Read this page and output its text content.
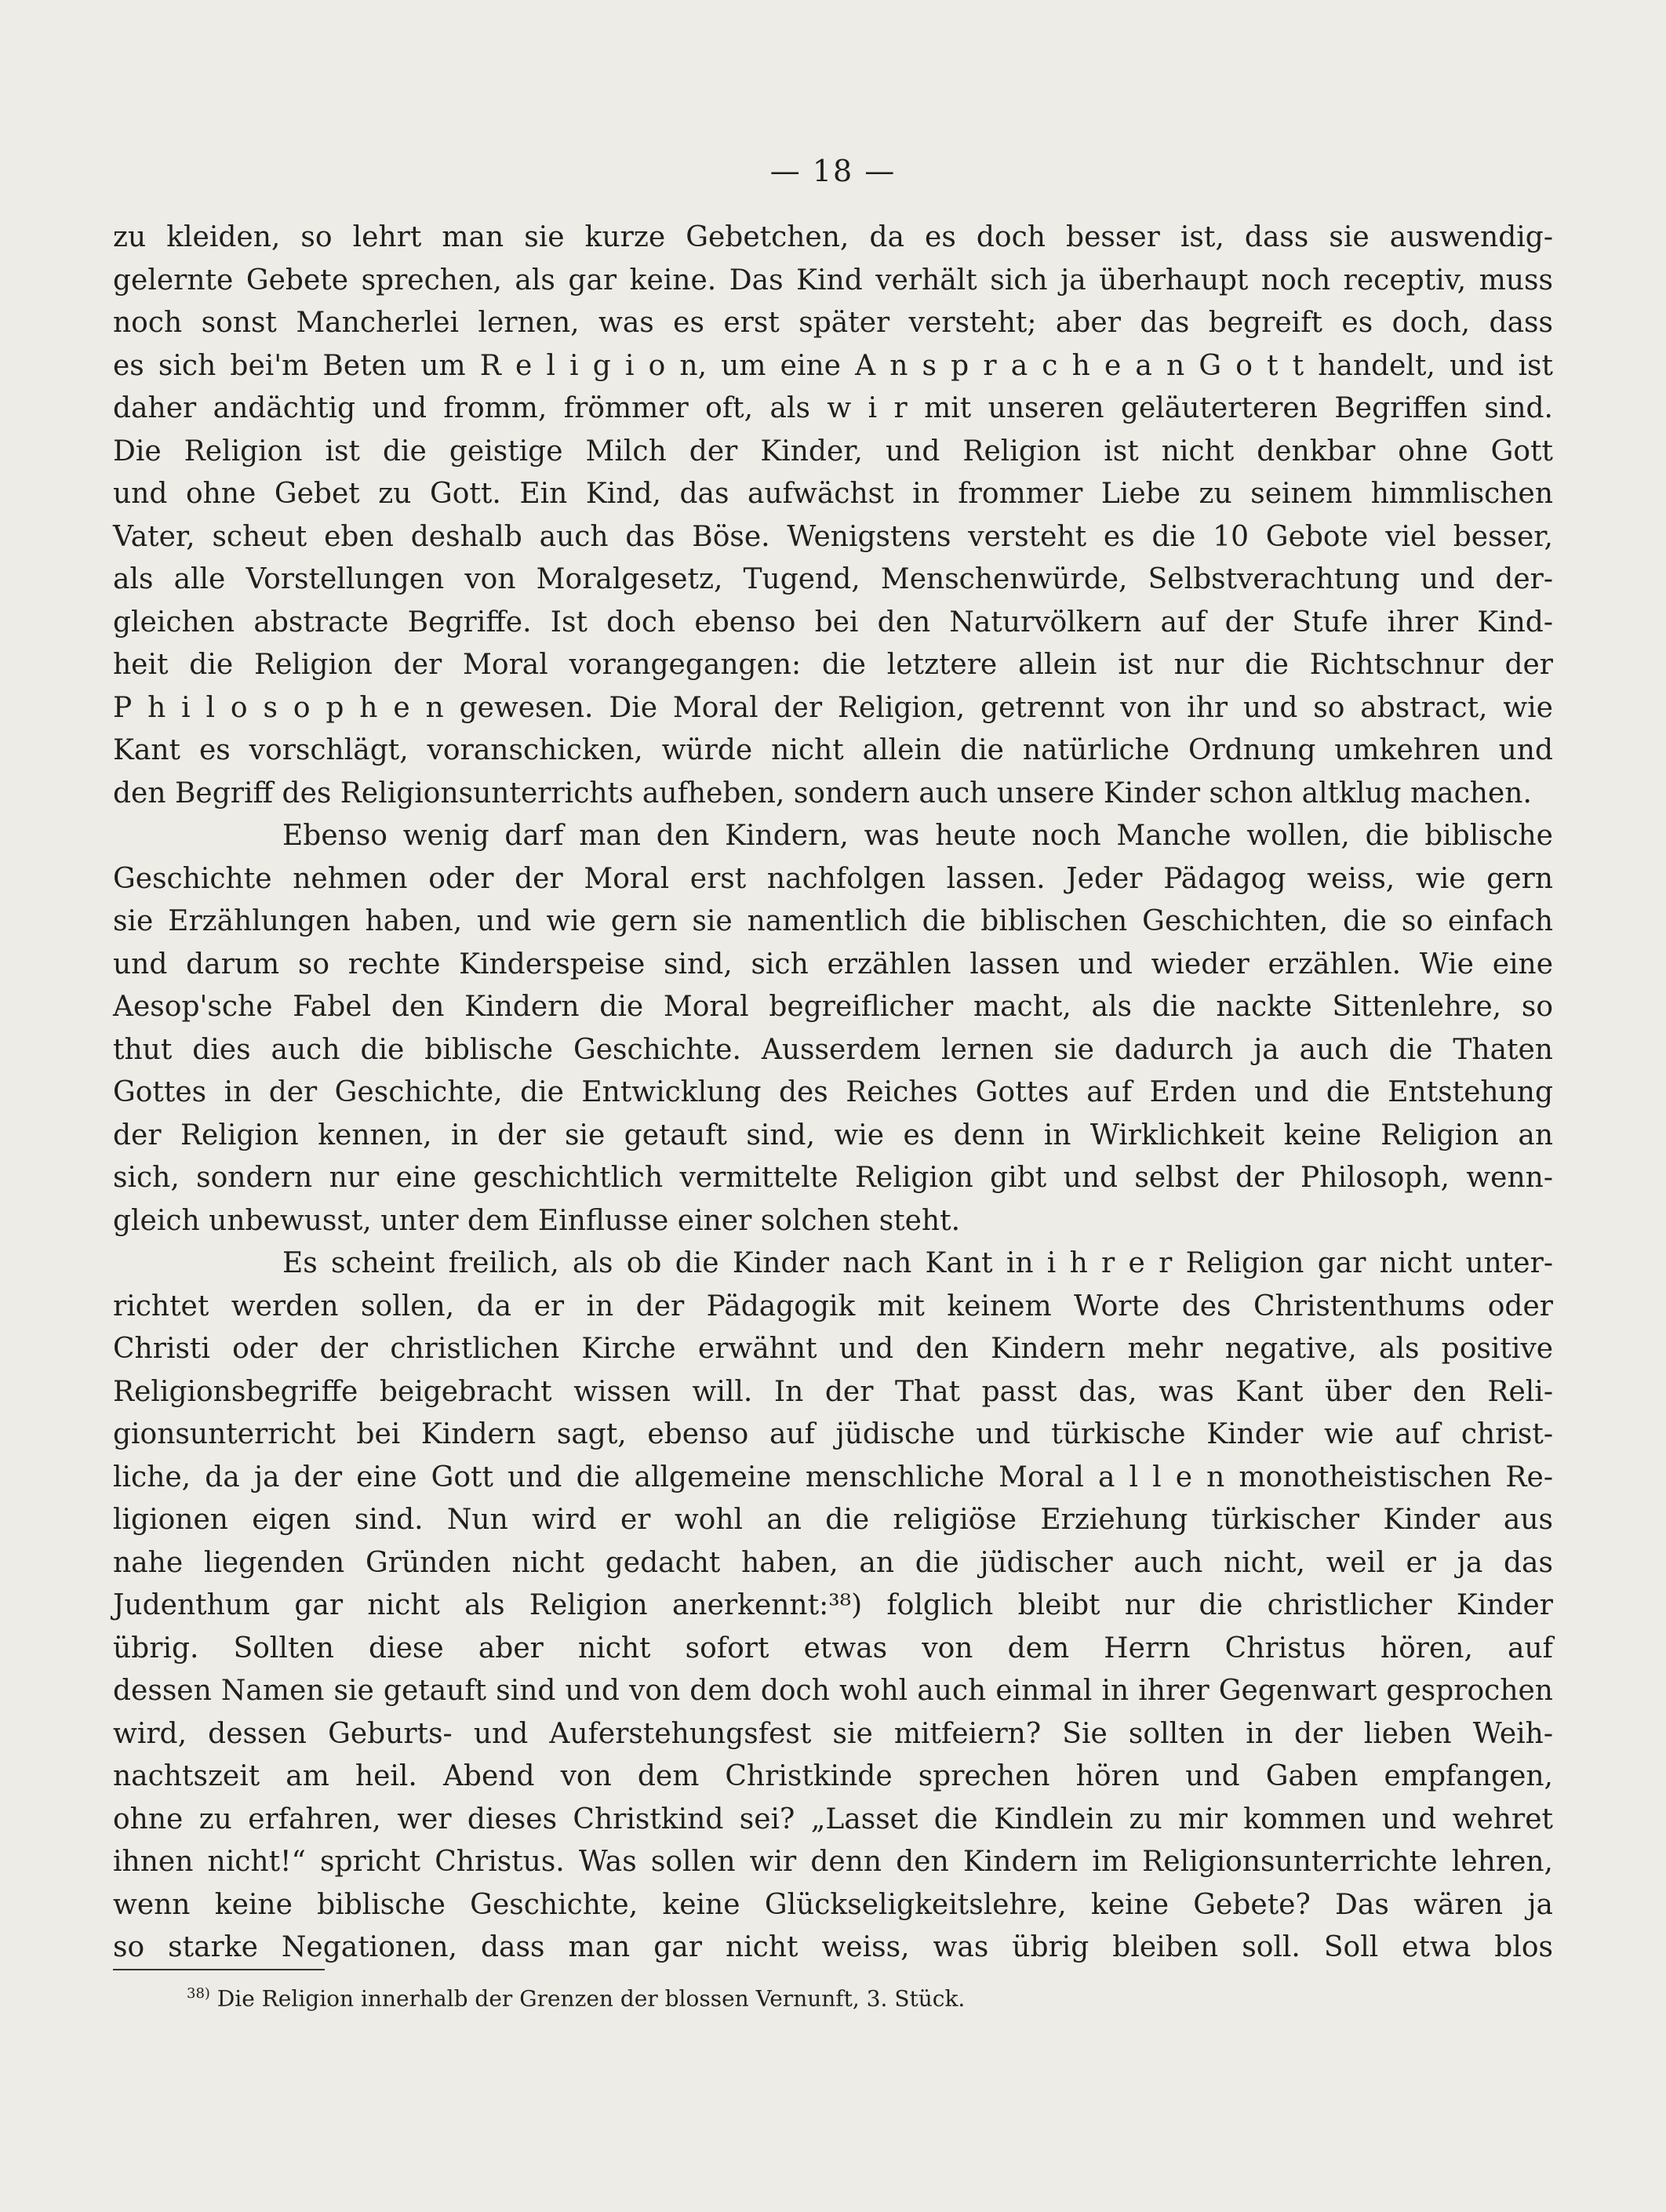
— 18 —
zu kleiden, so lehrt man sie kurze Gebetchen, da es doch besser ist, dass sie auswendig-
gelernte Gebete sprechen, als gar keine. Das Kind verhält sich ja überhaupt noch receptiv, muss
noch sonst Mancherlei lernen, was es erst später versteht; aber das begreift es doch, dass
es sich bei'm Beten um R e l i g i o n, um eine A n s p r a c h e a n G o t t handelt, und ist
daher andächtig und fromm, frömmer oft, als w i r mit unseren geläuterteren Begriffen sind.
Die Religion ist die geistige Milch der Kinder, und Religion ist nicht denkbar ohne Gott
und ohne Gebet zu Gott. Ein Kind, das aufwächst in frommer Liebe zu seinem himmlischen
Vater, scheut eben deshalb auch das Böse. Wenigstens versteht es die 10 Gebote viel besser,
als alle Vorstellungen von Moralgesetz, Tugend, Menschenwürde, Selbstverachtung und der-
gleichen abstracte Begriffe. Ist doch ebenso bei den Naturvölkern auf der Stufe ihrer Kind-
heit die Religion der Moral vorangegangen: die letztere allein ist nur die Richtschnur der
P h i l o s o p h e n gewesen. Die Moral der Religion, getrennt von ihr und so abstract, wie
Kant es vorschlägt, voranschicken, würde nicht allein die natürliche Ordnung umkehren und
den Begriff des Religionsunterrichts aufheben, sondern auch unsere Kinder schon altklug machen.
Ebenso wenig darf man den Kindern, was heute noch Manche wollen, die biblische
Geschichte nehmen oder der Moral erst nachfolgen lassen. Jeder Pädagog weiss, wie gern
sie Erzählungen haben, und wie gern sie namentlich die biblischen Geschichten, die so einfach
und darum so rechte Kinderspeise sind, sich erzählen lassen und wieder erzählen. Wie eine
Aesop'sche Fabel den Kindern die Moral begreiflicher macht, als die nackte Sittenlehre, so
thut dies auch die biblische Geschichte. Ausserdem lernen sie dadurch ja auch die Thaten
Gottes in der Geschichte, die Entwicklung des Reiches Gottes auf Erden und die Entstehung
der Religion kennen, in der sie getauft sind, wie es denn in Wirklichkeit keine Religion an
sich, sondern nur eine geschichtlich vermittelte Religion gibt und selbst der Philosoph, wenn-
gleich unbewusst, unter dem Einflusse einer solchen steht.
Es scheint freilich, als ob die Kinder nach Kant in i h r e r Religion gar nicht unter-
richtet werden sollen, da er in der Pädagogik mit keinem Worte des Christenthums oder
Christi oder der christlichen Kirche erwähnt und den Kindern mehr negative, als positive
Religionsbegriffe beigebracht wissen will. In der That passt das, was Kant über den Reli-
gionsunterricht bei Kindern sagt, ebenso auf jüdische und türkische Kinder wie auf christ-
liche, da ja der eine Gott und die allgemeine menschliche Moral a l l e n monotheistischen Re-
ligionen eigen sind. Nun wird er wohl an die religiöse Erziehung türkischer Kinder aus
nahe liegenden Gründen nicht gedacht haben, an die jüdischer auch nicht, weil er ja das
Judenthum gar nicht als Religion anerkennt:³⁸) folglich bleibt nur die christlicher Kinder
übrig. Sollten diese aber nicht sofort etwas von dem Herrn Christus hören, auf
dessen Namen sie getauft sind und von dem doch wohl auch einmal in ihrer Gegenwart gesprochen
wird, dessen Geburts- und Auferstehungsfest sie mitfeiern? Sie sollten in der lieben Weih-
nachtszeit am heil. Abend von dem Christkinde sprechen hören und Gaben empfangen,
ohne zu erfahren, wer dieses Christkind sei? „Lasset die Kindlein zu mir kommen und wehret
ihnen nicht!“ spricht Christus. Was sollen wir denn den Kindern im Religionsunterrichte lehren,
wenn keine biblische Geschichte, keine Glückseligkeitslehre, keine Gebete? Das wären ja
so starke Negationen, dass man gar nicht weiss, was übrig bleiben soll. Soll etwa blos
$^{38)}$ Die Religion innerhalb der Grenzen der blossen Vernunft, 3. Stück.
